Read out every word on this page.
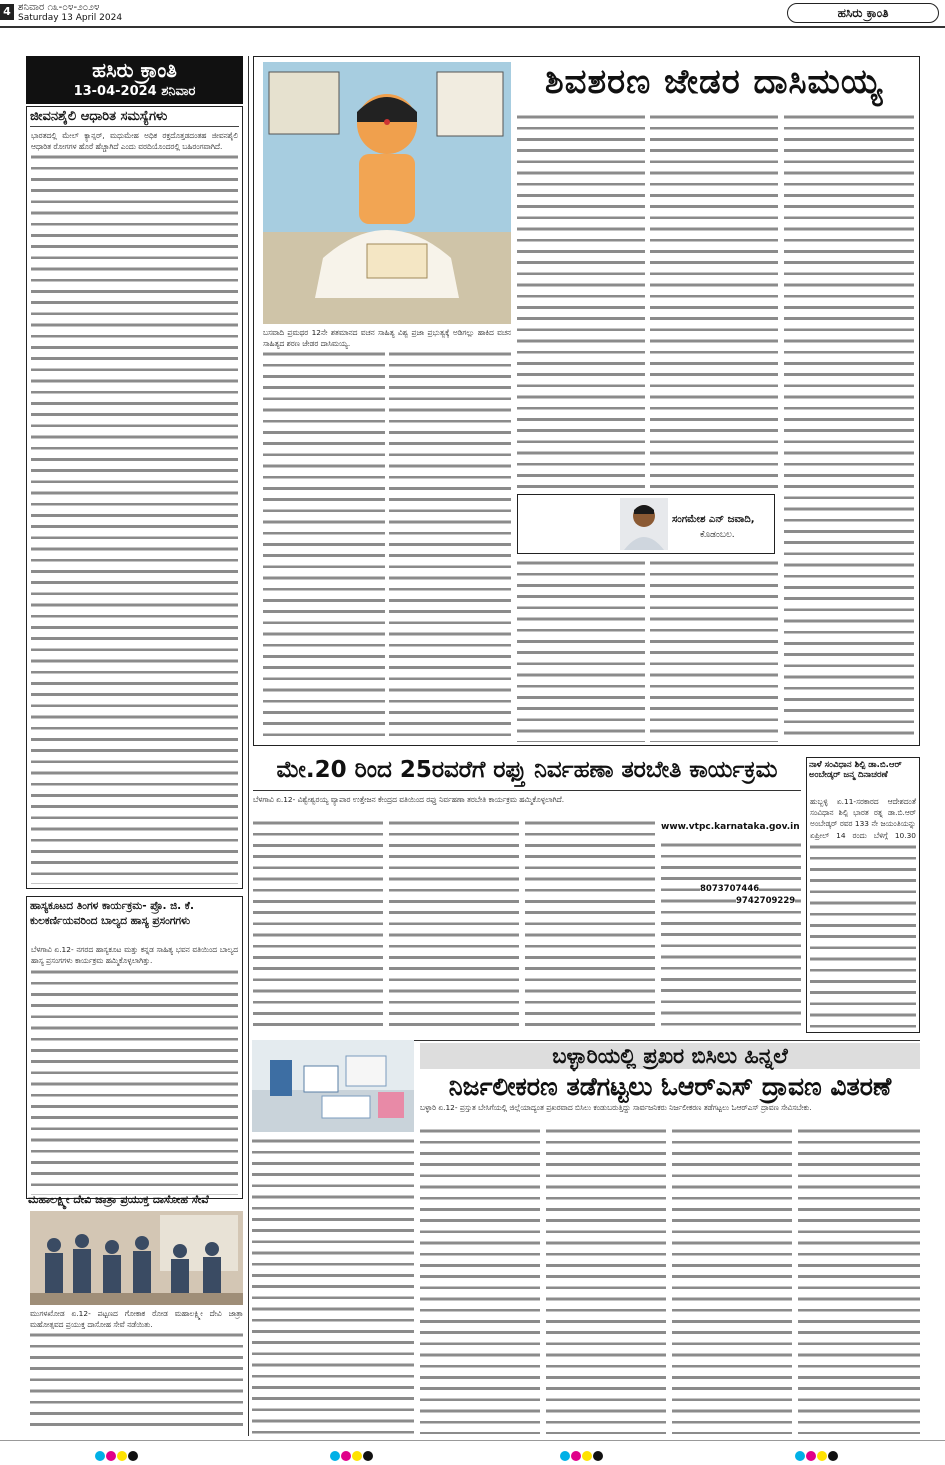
4 ಶನಿವಾರ ೧೩-೦೪-೨೦೨೪
Saturday 13 April 2024	ಹಸಿರು ಕ್ರಾಂತಿ
ಹಸಿರು ಕ್ರಾಂತಿ
13-04-2024 ಶನಿವಾರ
ಜೀವನಶೈಲಿ ಆಧಾರಿತ ಸಮಸ್ಯೆಗಳು
ಭಾರತದಲ್ಲಿ ಮೇಲ್ ಕ್ಯಾನ್ಸರ್, ಮಧುಮೇಹ ಅಧಿಕ ರಕ್ತದೊತ್ತಡದಂತಹ ಜೀವನಶೈಲಿ ಆಧಾರಿತ ರೋಗಗಳ ಹೊರೆ ಹೆಚ್ಚಾಗಿದೆ ಎಂದು ವರದಿಯೊಂದರಲ್ಲಿ ಬಹಿರಂಗವಾಗಿದೆ.
ಹಾಸ್ಯಕೂಟದ ತಿಂಗಳ ಕಾರ್ಯಕ್ರಮ- ಪ್ರೊ. ಜಿ. ಕೆ. ಕುಲಕರ್ಣಿಯವರಿಂದ ಬಾಲ್ಯದ ಹಾಸ್ಯ ಪ್ರಸಂಗಗಳು
ಬೆಳಗಾವಿ ಏ.12- ನಗರದ ಹಾಸ್ಯಕೂಟ ಮತ್ತು ಕನ್ನಡ ಸಾಹಿತ್ಯ ಭವನ ವತಿಯಿಂದ ಬಾಲ್ಯದ ಹಾಸ್ಯ ಪ್ರಸಂಗಗಳು ಕಾರ್ಯಕ್ರಮ ಹಮ್ಮಿಕೊಳ್ಳಲಾಗಿತ್ತು.
ಮಹಾಲಕ್ಷ್ಮೀ ದೇವಿ ಜಾತ್ರಾ ಪ್ರಯುಕ್ತ ದಾಸೋಹ ಸೇವೆ
ಮುಗಳಖೋಡ ಏ.12- ಪಟ್ಟಣದ ಗೋಕಾಕ ರೋಡ ಮಹಾಲಕ್ಷ್ಮೀ ದೇವಿ ಜಾತ್ರಾ ಮಹೋತ್ಸವದ ಪ್ರಯುಕ್ತ ದಾಸೋಹ ಸೇವೆ ನಡೆಯಿತು.
ಶಿವಶರಣ ಜೇಡರ ದಾಸಿಮಯ್ಯ
ಬಸವಾದಿ ಪ್ರಮಥರ 12ನೇ ಶತಮಾನದ ವಚನ ಸಾಹಿತ್ಯ ವಿಶ್ವ ಪ್ರಜಾ ಪ್ರಭುತ್ವಕ್ಕೆ ಅಡಿಗಲ್ಲು ಹಾಕಿದ ವಚನ ಸಾಹಿತ್ಯದ ಶರಣ ಜೇಡರ ದಾಸಿಮಯ್ಯ.
ಸಂಗಮೇಶ ಎನ್ ಜವಾದಿ,
ಕೊಡಂಬಲ.
ಮೇ.20 ರಿಂದ 25ರವರೆಗೆ ರಫ್ತು ನಿರ್ವಹಣಾ ತರಬೇತಿ ಕಾರ್ಯಕ್ರಮ
ಬೆಳಗಾವಿ ಏ.12- ವಿಶ್ವೇಶ್ವರಯ್ಯ ವ್ಯಾಪಾರ ಉತ್ತೇಜನ ಕೇಂದ್ರದ ವತಿಯಿಂದ ರಫ್ತು ನಿರ್ವಹಣಾ ತರಬೇತಿ ಕಾರ್ಯಕ್ರಮ ಹಮ್ಮಿಕೊಳ್ಳಲಾಗಿದೆ.
www.vtpc.karnataka.gov.in
8073707446
9742709229
ನಾಳೆ ಸಂವಿಧಾನ ಶಿಲ್ಪಿ ಡಾ.ಬಿ.ಆರ್ ಅಂಬೇಡ್ಕರ್ ಜನ್ಮ ದಿನಾಚರಣೆ
ಹುಬ್ಬಳ್ಳಿ ಏ.11-ಸರಕಾರದ ಆದೇಶದಂತೆ ಸಂವಿಧಾನ ಶಿಲ್ಪಿ ಭಾರತ ರತ್ನ ಡಾ.ಬಿ.ಆರ್ ಅಂಬೇಡ್ಕರ್ ರವರ 133 ನೇ ಜಯಂತಿಯನ್ನು ಏಪ್ರೀಲ್ 14 ರಂದು ಬೆಳಿಗ್ಗೆ 10.30
ಬಳ್ಳಾರಿಯಲ್ಲಿ ಪ್ರಖರ ಬಿಸಿಲು ಹಿನ್ನಲೆ
ನಿರ್ಜಲೀಕರಣ ತಡೆಗಟ್ಟಲು ಓಆರ್‌ಎಸ್ ದ್ರಾವಣ ವಿತರಣೆ
ಬಳ್ಳಾರಿ ಏ.12- ಪ್ರಸ್ತುತ ಬೇಸಿಗೆಯಲ್ಲಿ ಜಿಲ್ಲೆಯಾದ್ಯಂತ ಪ್ರಖರವಾದ ಬಿಸಿಲು ಕಂಡುಬರುತ್ತಿದ್ದು ಸಾರ್ವಜನಿಕರು ನಿರ್ಜಲೀಕರಣ ತಡೆಗಟ್ಟಲು ಓಆರ್‌ಎಸ್ ದ್ರಾವಣ ಸೇವಿಸಬೇಕು.
